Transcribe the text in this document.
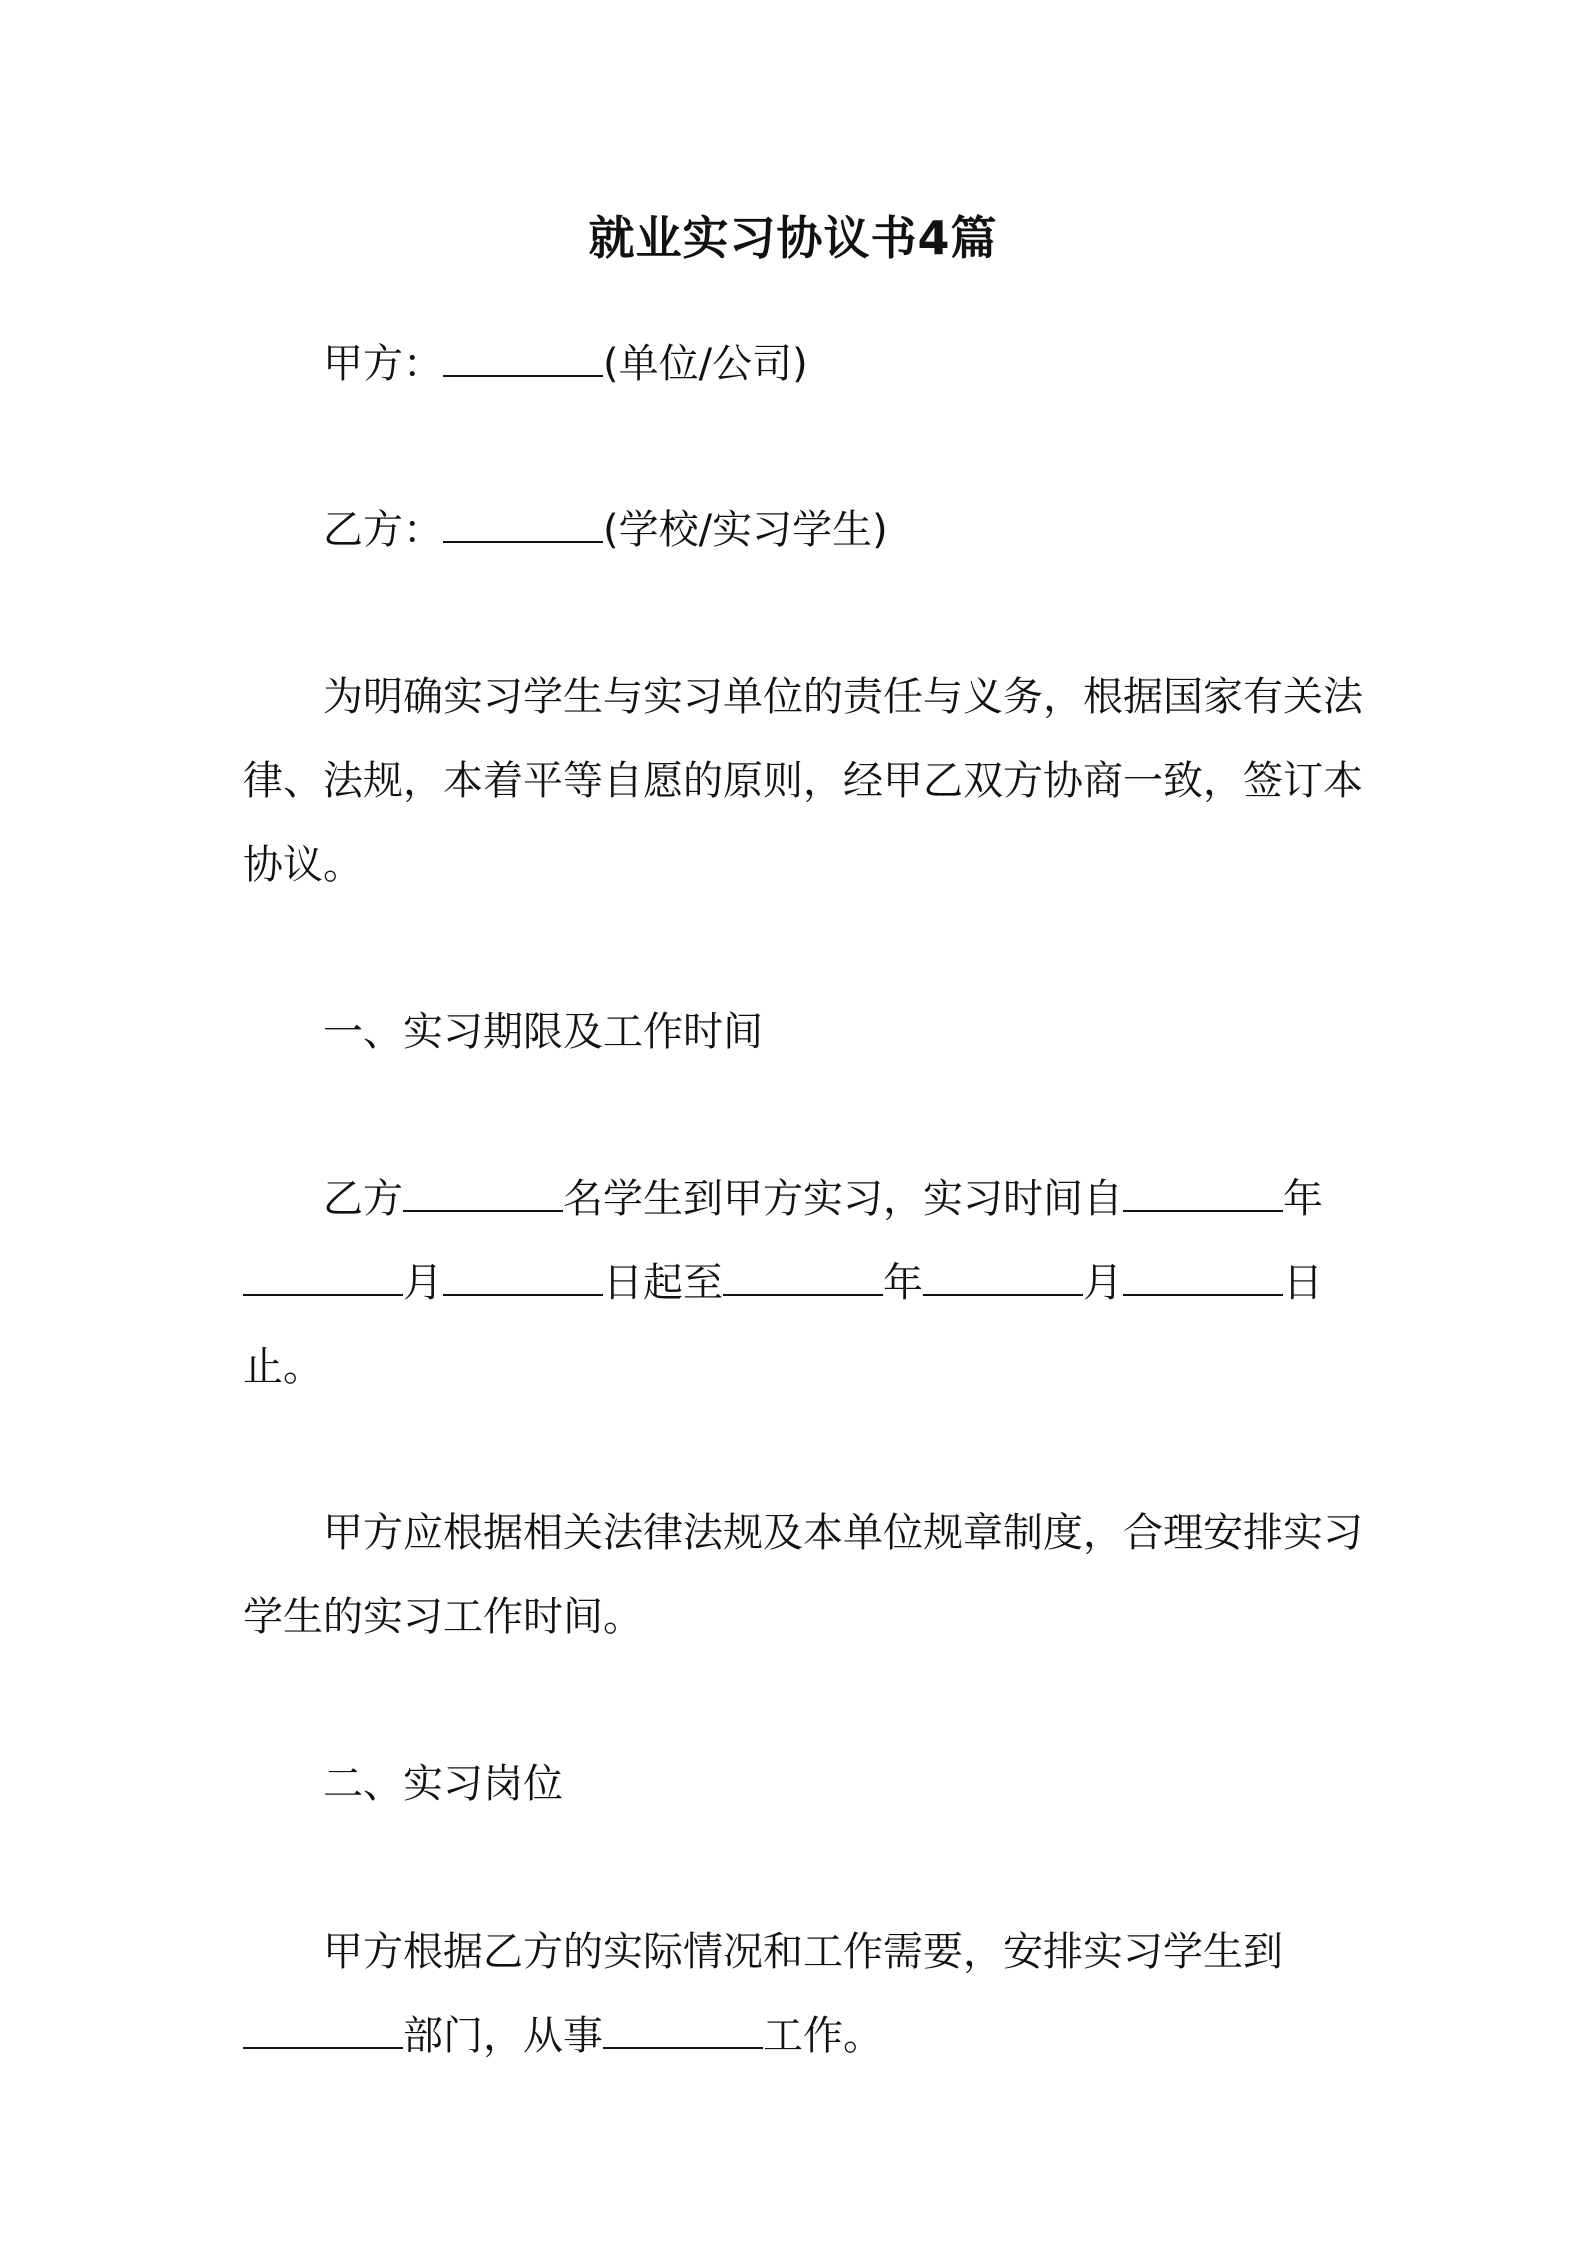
就业实习协议书4篇
甲方：	(单位/公司)
乙方：	(学校/实习学生)
为明确实习学生与实习单位的责任与义务，根据国家有关法
律、法规，本着平等自愿的原则，经甲乙双方协商一致，签订本
协议。
一、实习期限及工作时间
乙方	名学生到甲方实习，实习时间自	年
月	日起至	年	月	日
止。
甲方应根据相关法律法规及本单位规章制度，合理安排实习
学生的实习工作时间。
二、实习岗位
甲方根据乙方的实际情况和工作需要，安排实习学生到
部门，从事	工作。
